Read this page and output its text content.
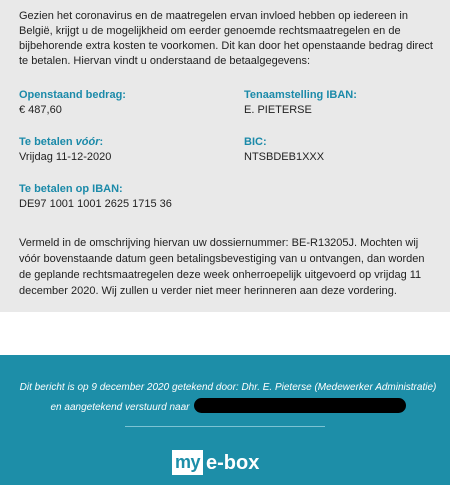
Gezien het coronavirus en de maatregelen ervan invloed hebben op iedereen in België, krijgt u de mogelijkheid om eerder genoemde rechtsmaatregelen en de bijbehorende extra kosten te voorkomen. Dit kan door het openstaande bedrag direct te betalen. Hiervan vindt u onderstaand de betaalgegevens:

Openstaand bedrag:
€ 487,60
Tenaamstelling IBAN:
E. PIETERSE
Te betalen vóór:
Vrijdag 11-12-2020
BIC:
NTSBDEB1XXX
Te betalen op IBAN:
DE97 1001 1001 2625 1715 36

Vermeld in de omschrijving hiervan uw dossiernummer: BE-R13205J. Mochten wij vóór bovenstaande datum geen betalingsbevestiging van u ontvangen, dan worden de geplande rechtsmaatregelen deze week onherroepelijk uitgevoerd op vrijdag 11 december 2020. Wij zullen u verder niet meer herinneren aan deze vordering.

Dit bericht is op 9 december 2020 getekend door: Dhr. E. Pieterse (Medewerker Administratie) en aangetekend verstuurd naar

my e-box
